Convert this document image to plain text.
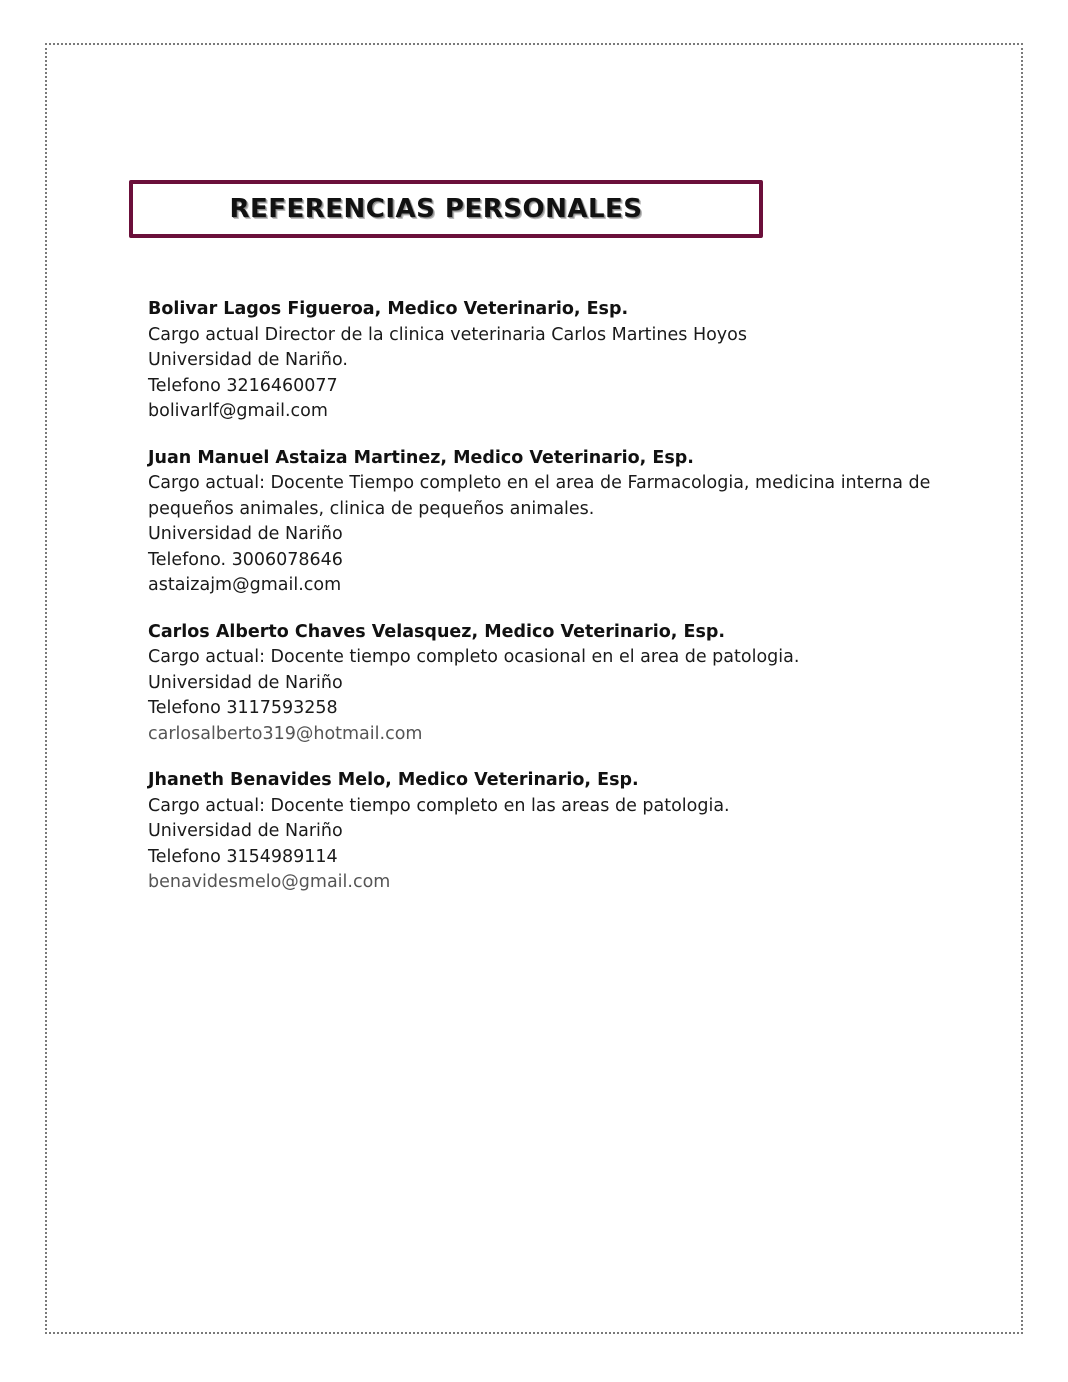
REFERENCIAS PERSONALES
Bolivar Lagos Figueroa, Medico Veterinario, Esp.
Cargo actual Director de la clinica veterinaria Carlos Martines Hoyos
Universidad de Nariño.
Telefono 3216460077
bolivarlf@gmail.com
Juan Manuel Astaiza Martinez, Medico Veterinario, Esp.
Cargo actual: Docente Tiempo completo en el area de Farmacologia, medicina interna de pequeños animales, clinica de pequeños animales.
Universidad de Nariño
Telefono. 3006078646
astaizajm@gmail.com
Carlos Alberto Chaves Velasquez, Medico Veterinario, Esp.
Cargo actual: Docente tiempo completo ocasional en el area de patologia.
Universidad de Nariño
Telefono 3117593258
carlosalberto319@hotmail.com
Jhaneth Benavides Melo, Medico Veterinario, Esp.
Cargo actual: Docente tiempo completo en las areas de patologia.
Universidad de Nariño
Telefono 3154989114
benavidesmelo@gmail.com
